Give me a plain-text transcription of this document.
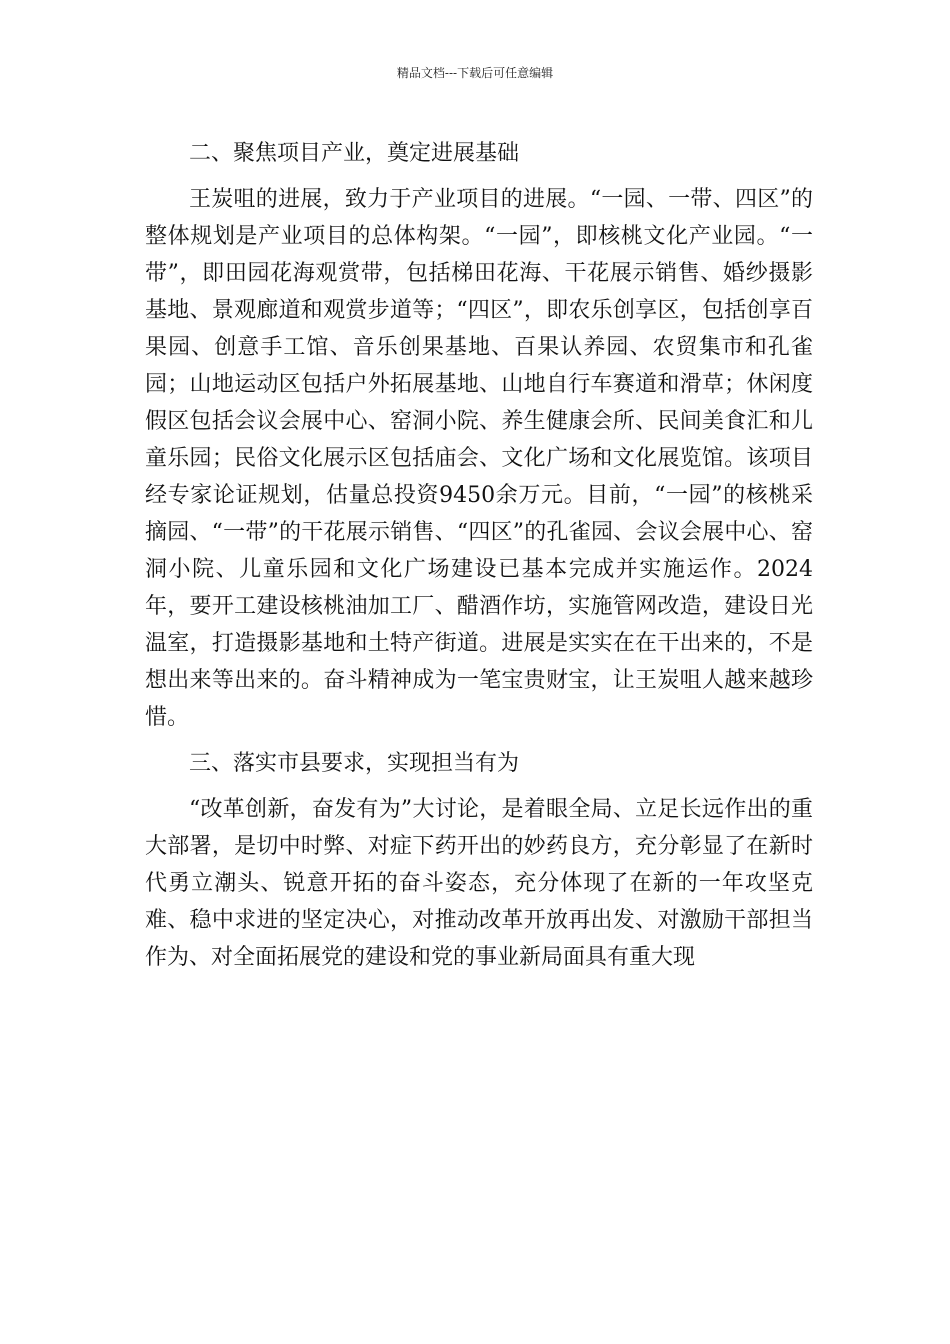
精品文档---下载后可任意编辑
二、聚焦项目产业，奠定进展基础
王炭咀的进展，致力于产业项目的进展。“一园、一带、四区”的整体规划是产业项目的总体构架。“一园”，即核桃文化产业园。“一带”，即田园花海观赏带，包括梯田花海、干花展示销售、婚纱摄影基地、景观廊道和观赏步道等；“四区”，即农乐创享区，包括创享百果园、创意手工馆、音乐创果基地、百果认养园、农贸集市和孔雀园；山地运动区包括户外拓展基地、山地自行车赛道和滑草；休闲度假区包括会议会展中心、窑洞小院、养生健康会所、民间美食汇和儿童乐园；民俗文化展示区包括庙会、文化广场和文化展览馆。该项目经专家论证规划，估量总投资9450余万元。目前，“一园”的核桃采摘园、“一带”的干花展示销售、“四区”的孔雀园、会议会展中心、窑洞小院、儿童乐园和文化广场建设已基本完成并实施运作。2024年，要开工建设核桃油加工厂、醋酒作坊，实施管网改造，建设日光温室，打造摄影基地和土特产街道。进展是实实在在干出来的，不是想出来等出来的。奋斗精神成为一笔宝贵财宝，让王炭咀人越来越珍惜。
三、落实市县要求，实现担当有为
“改革创新，奋发有为”大讨论，是着眼全局、立足长远作出的重大部署，是切中时弊、对症下药开出的妙药良方，充分彰显了在新时代勇立潮头、锐意开拓的奋斗姿态，充分体现了在新的一年攻坚克难、稳中求进的坚定决心，对推动改革开放再出发、对激励干部担当作为、对全面拓展党的建设和党的事业新局面具有重大现
